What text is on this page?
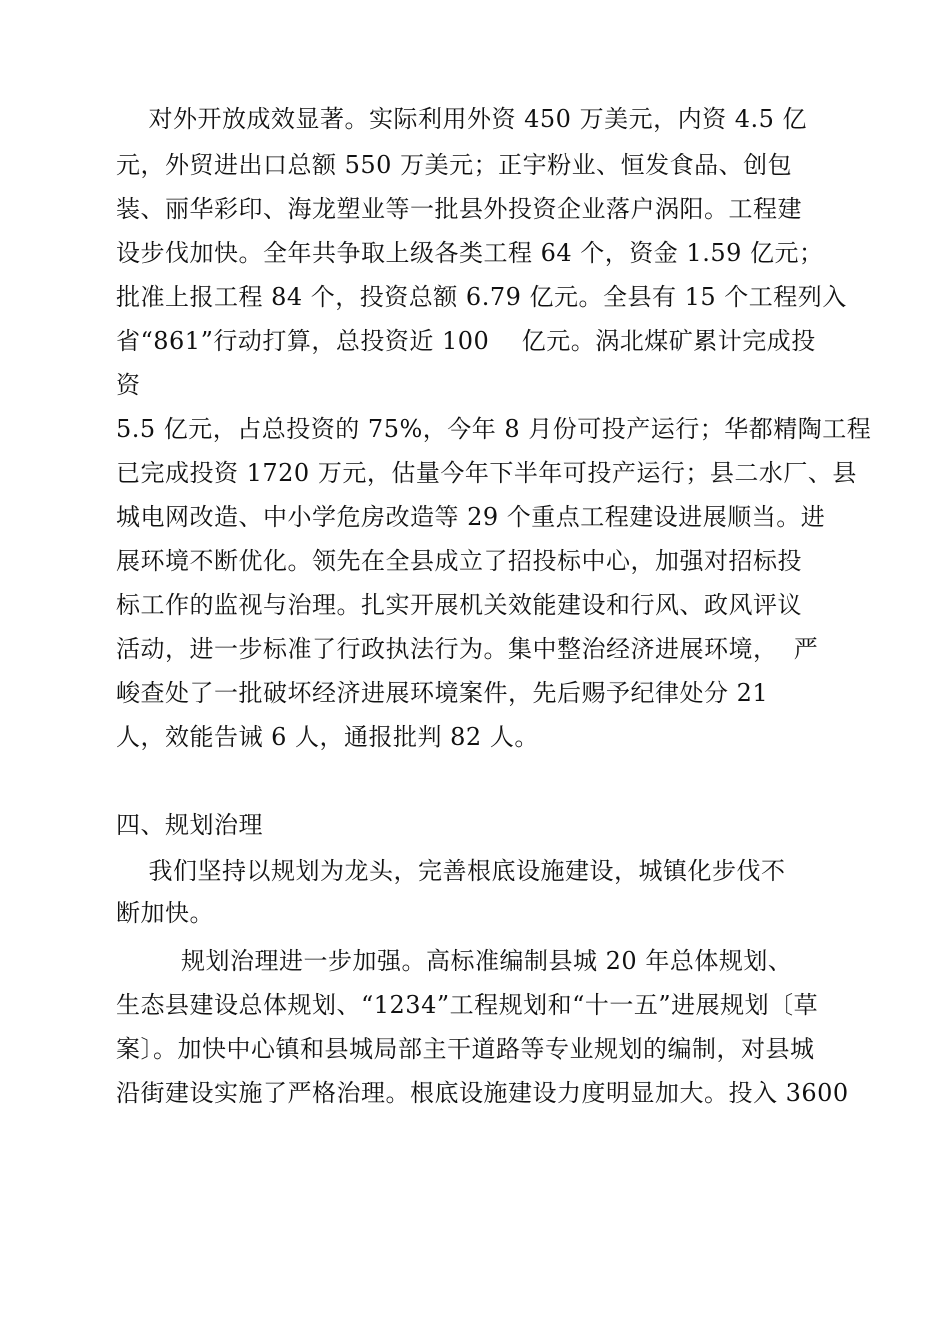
对外开放成效显著。实际利用外资 450 万美元，内资 4.5 亿
元，外贸进出口总额 550 万美元；正宇粉业、恒发食品、创包
装、丽华彩印、海龙塑业等一批县外投资企业落户涡阳。工程建
设步伐加快。全年共争取上级各类工程 64 个，资金 1.59 亿元；
批准上报工程 84 个，投资总额 6.79 亿元。全县有 15 个工程列入
省“861”行动打算，总投资近 100    亿元。涡北煤矿累计完成投
资
5.5 亿元，占总投资的 75%，今年 8 月份可投产运行；华都精陶工程
已完成投资 1720 万元，估量今年下半年可投产运行；县二水厂、县
城电网改造、中小学危房改造等 29 个重点工程建设进展顺当。进
展环境不断优化。领先在全县成立了招投标中心，加强对招标投
标工作的监视与治理。扎实开展机关效能建设和行风、政风评议
活动，进一步标准了行政执法行为。集中整治经济进展环境，  严
峻查处了一批破坏经济进展环境案件，先后赐予纪律处分 21
人，效能告诫 6 人，通报批判 82 人。
四、规划治理
我们坚持以规划为龙头，完善根底设施建设，城镇化步伐不
断加快。
规划治理进一步加强。高标准编制县城 20 年总体规划、
生态县建设总体规划、“1234”工程规划和“十一五”进展规划〔草
案〕。加快中心镇和县城局部主干道路等专业规划的编制，对县城
沿街建设实施了严格治理。根底设施建设力度明显加大。投入 3600
